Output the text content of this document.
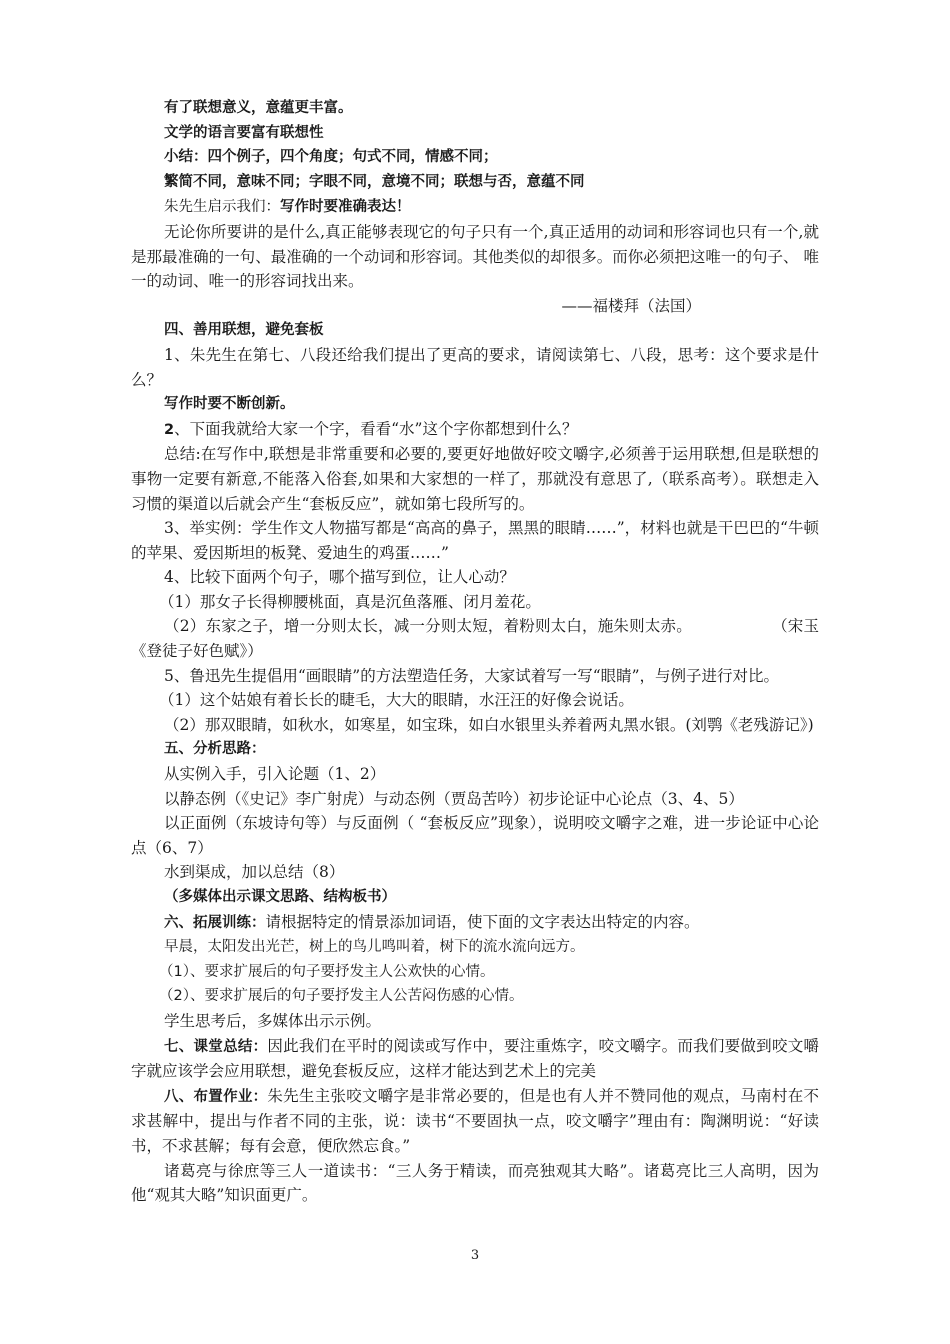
有了联想意义，意蕴更丰富。

文学的语言要富有联想性

小结：四个例子，四个角度；句式不同，情感不同；

繁简不同，意味不同；字眼不同，意境不同；联想与否，意蕴不同

朱先生启示我们：写作时要准确表达！

无论你所要讲的是什么,真正能够表现它的句子只有一个,真正适用的动词和形容词也只有一个,就是那最准确的一句、最准确的一个动词和形容词。其他类似的却很多。而你必须把这唯一的句子、 唯一的动词、唯一的形容词找出来。

——福楼拜（法国）

四、善用联想，避免套板

1、朱先生在第七、八段还给我们提出了更高的要求，请阅读第七、八段，思考：这个要求是什么？

写作时要不断创新。

2、下面我就给大家一个字，看看“水”这个字你都想到什么？

总结:在写作中,联想是非常重要和必要的,要更好地做好咬文嚼字,必须善于运用联想,但是联想的事物一定要有新意,不能落入俗套,如果和大家想的一样了，那就没有意思了,（联系高考）。联想走入习惯的渠道以后就会产生“套板反应”，就如第七段所写的。

3、举实例：学生作文人物描写都是“高高的鼻子，黑黑的眼睛……”，材料也就是干巴巴的“牛顿的苹果、爱因斯坦的板凳、爱迪生的鸡蛋……”

4、比较下面两个句子，哪个描写到位，让人心动？

（1）那女子长得柳腰桃面，真是沉鱼落雁、闭月羞花。

（2）东家之子，增一分则太长，减一分则太短，着粉则太白，施朱则太赤。	（宋玉《登徒子好色赋》）

5、鲁迅先生提倡用“画眼睛”的方法塑造任务，大家试着写一写“眼睛”，与例子进行对比。

（1）这个姑娘有着长长的睫毛，大大的眼睛，水汪汪的好像会说话。

（2）那双眼睛，如秋水，如寒星，如宝珠，如白水银里头养着两丸黑水银。(刘鹗《老残游记》)

五、分析思路：

从实例入手，引入论题（1、2）

以静态例（《史记》李广射虎）与动态例（贾岛苦吟）初步论证中心论点（3、4、5）

以正面例（东坡诗句等）与反面例（ “套板反应”现象），说明咬文嚼字之难，进一步论证中心论点（6、7）

水到渠成，加以总结（8）

（多媒体出示课文思路、结构板书）

六、拓展训练：请根据特定的情景添加词语，使下面的文字表达出特定的内容。

早晨，太阳发出光芒，树上的鸟儿鸣叫着，树下的流水流向远方。

（1）、要求扩展后的句子要抒发主人公欢快的心情。

（2）、要求扩展后的句子要抒发主人公苦闷伤感的心情。

学生思考后，多媒体出示示例。

七、课堂总结：因此我们在平时的阅读或写作中，要注重炼字，咬文嚼字。而我们要做到咬文嚼字就应该学会应用联想，避免套板反应，这样才能达到艺术上的完美

八、布置作业：朱先生主张咬文嚼字是非常必要的，但是也有人并不赞同他的观点，马南村在不求甚解中，提出与作者不同的主张，说：读书“不要固执一点，咬文嚼字”理由有：陶渊明说：“好读书，不求甚解；每有会意，便欣然忘食。”

诸葛亮与徐庶等三人一道读书：“三人务于精读，而亮独观其大略”。诸葛亮比三人高明，因为他“观其大略”知识面更广。

3
